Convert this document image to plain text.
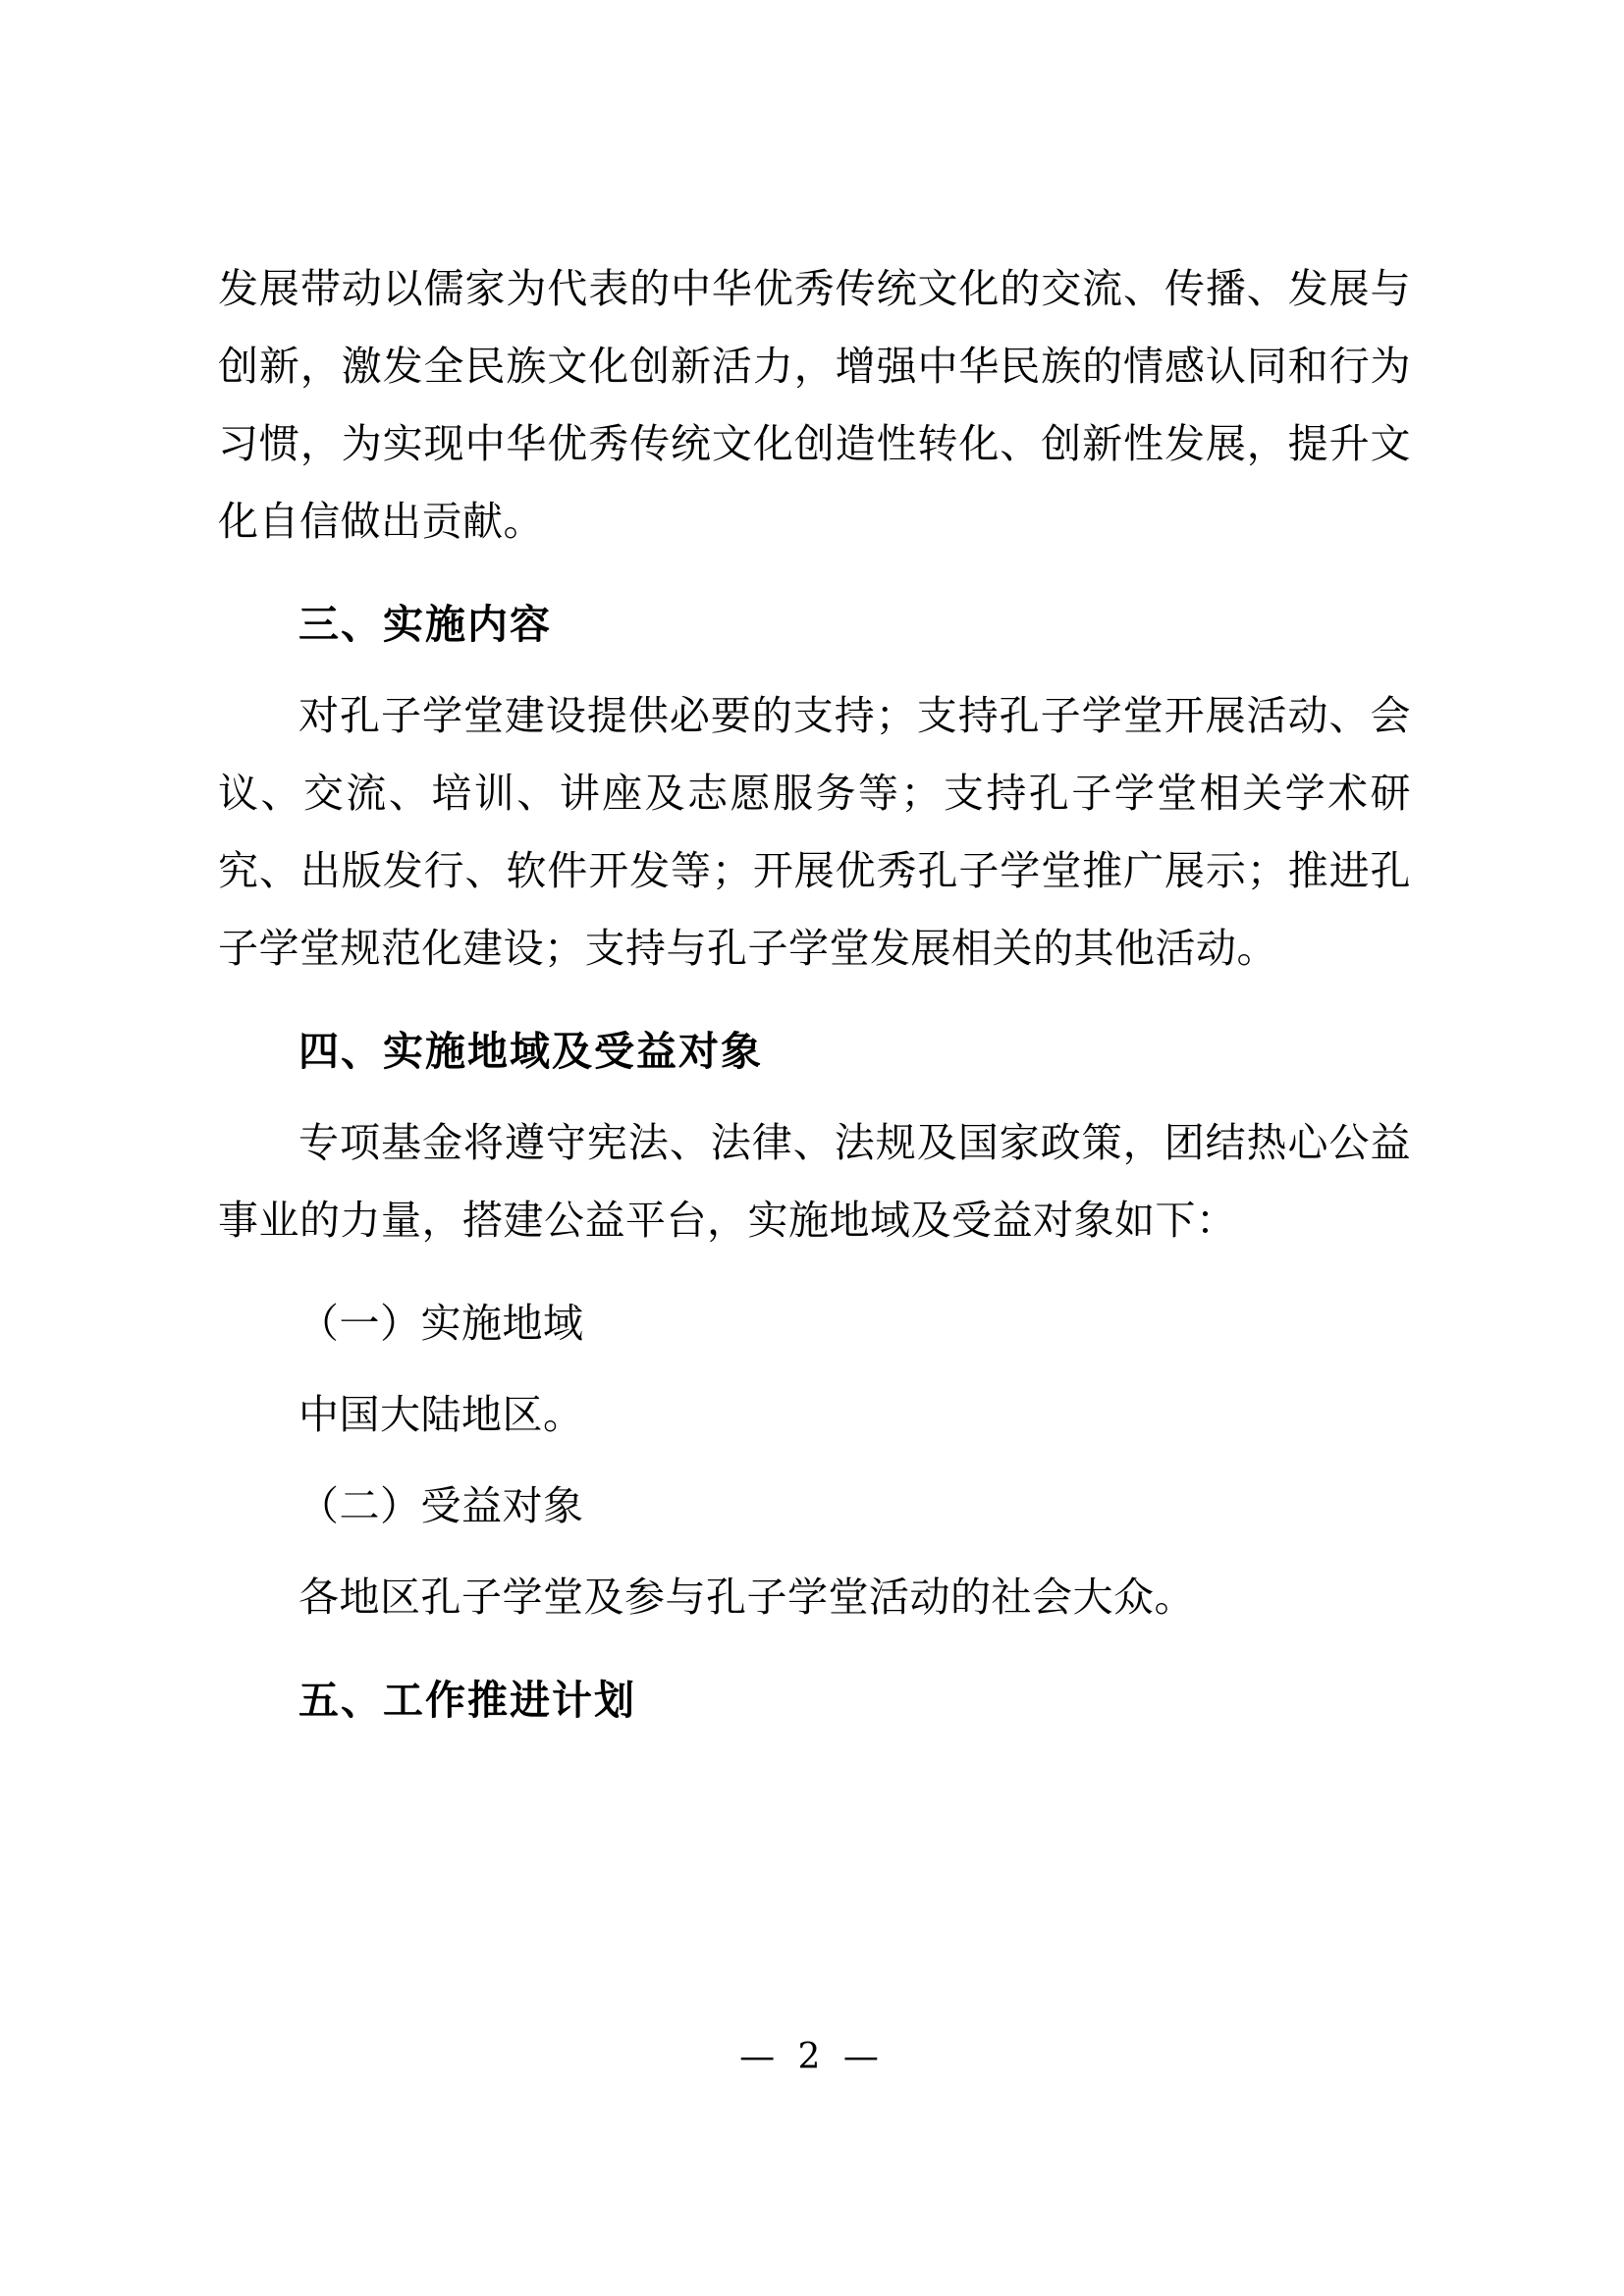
发展带动以儒家为代表的中华优秀传统文化的交流、传播、发展与创新，激发全民族文化创新活力，增强中华民族的情感认同和行为习惯，为实现中华优秀传统文化创造性转化、创新性发展，提升文化自信做出贡献。

三、实施内容

对孔子学堂建设提供必要的支持；支持孔子学堂开展活动、会议、交流、培训、讲座及志愿服务等；支持孔子学堂相关学术研究、出版发行、软件开发等；开展优秀孔子学堂推广展示；推进孔子学堂规范化建设；支持与孔子学堂发展相关的其他活动。

四、实施地域及受益对象

专项基金将遵守宪法、法律、法规及国家政策，团结热心公益事业的力量，搭建公益平台，实施地域及受益对象如下：

（一）实施地域

中国大陆地区。

（二）受益对象

各地区孔子学堂及参与孔子学堂活动的社会大众。

五、工作推进计划

— 2 —
